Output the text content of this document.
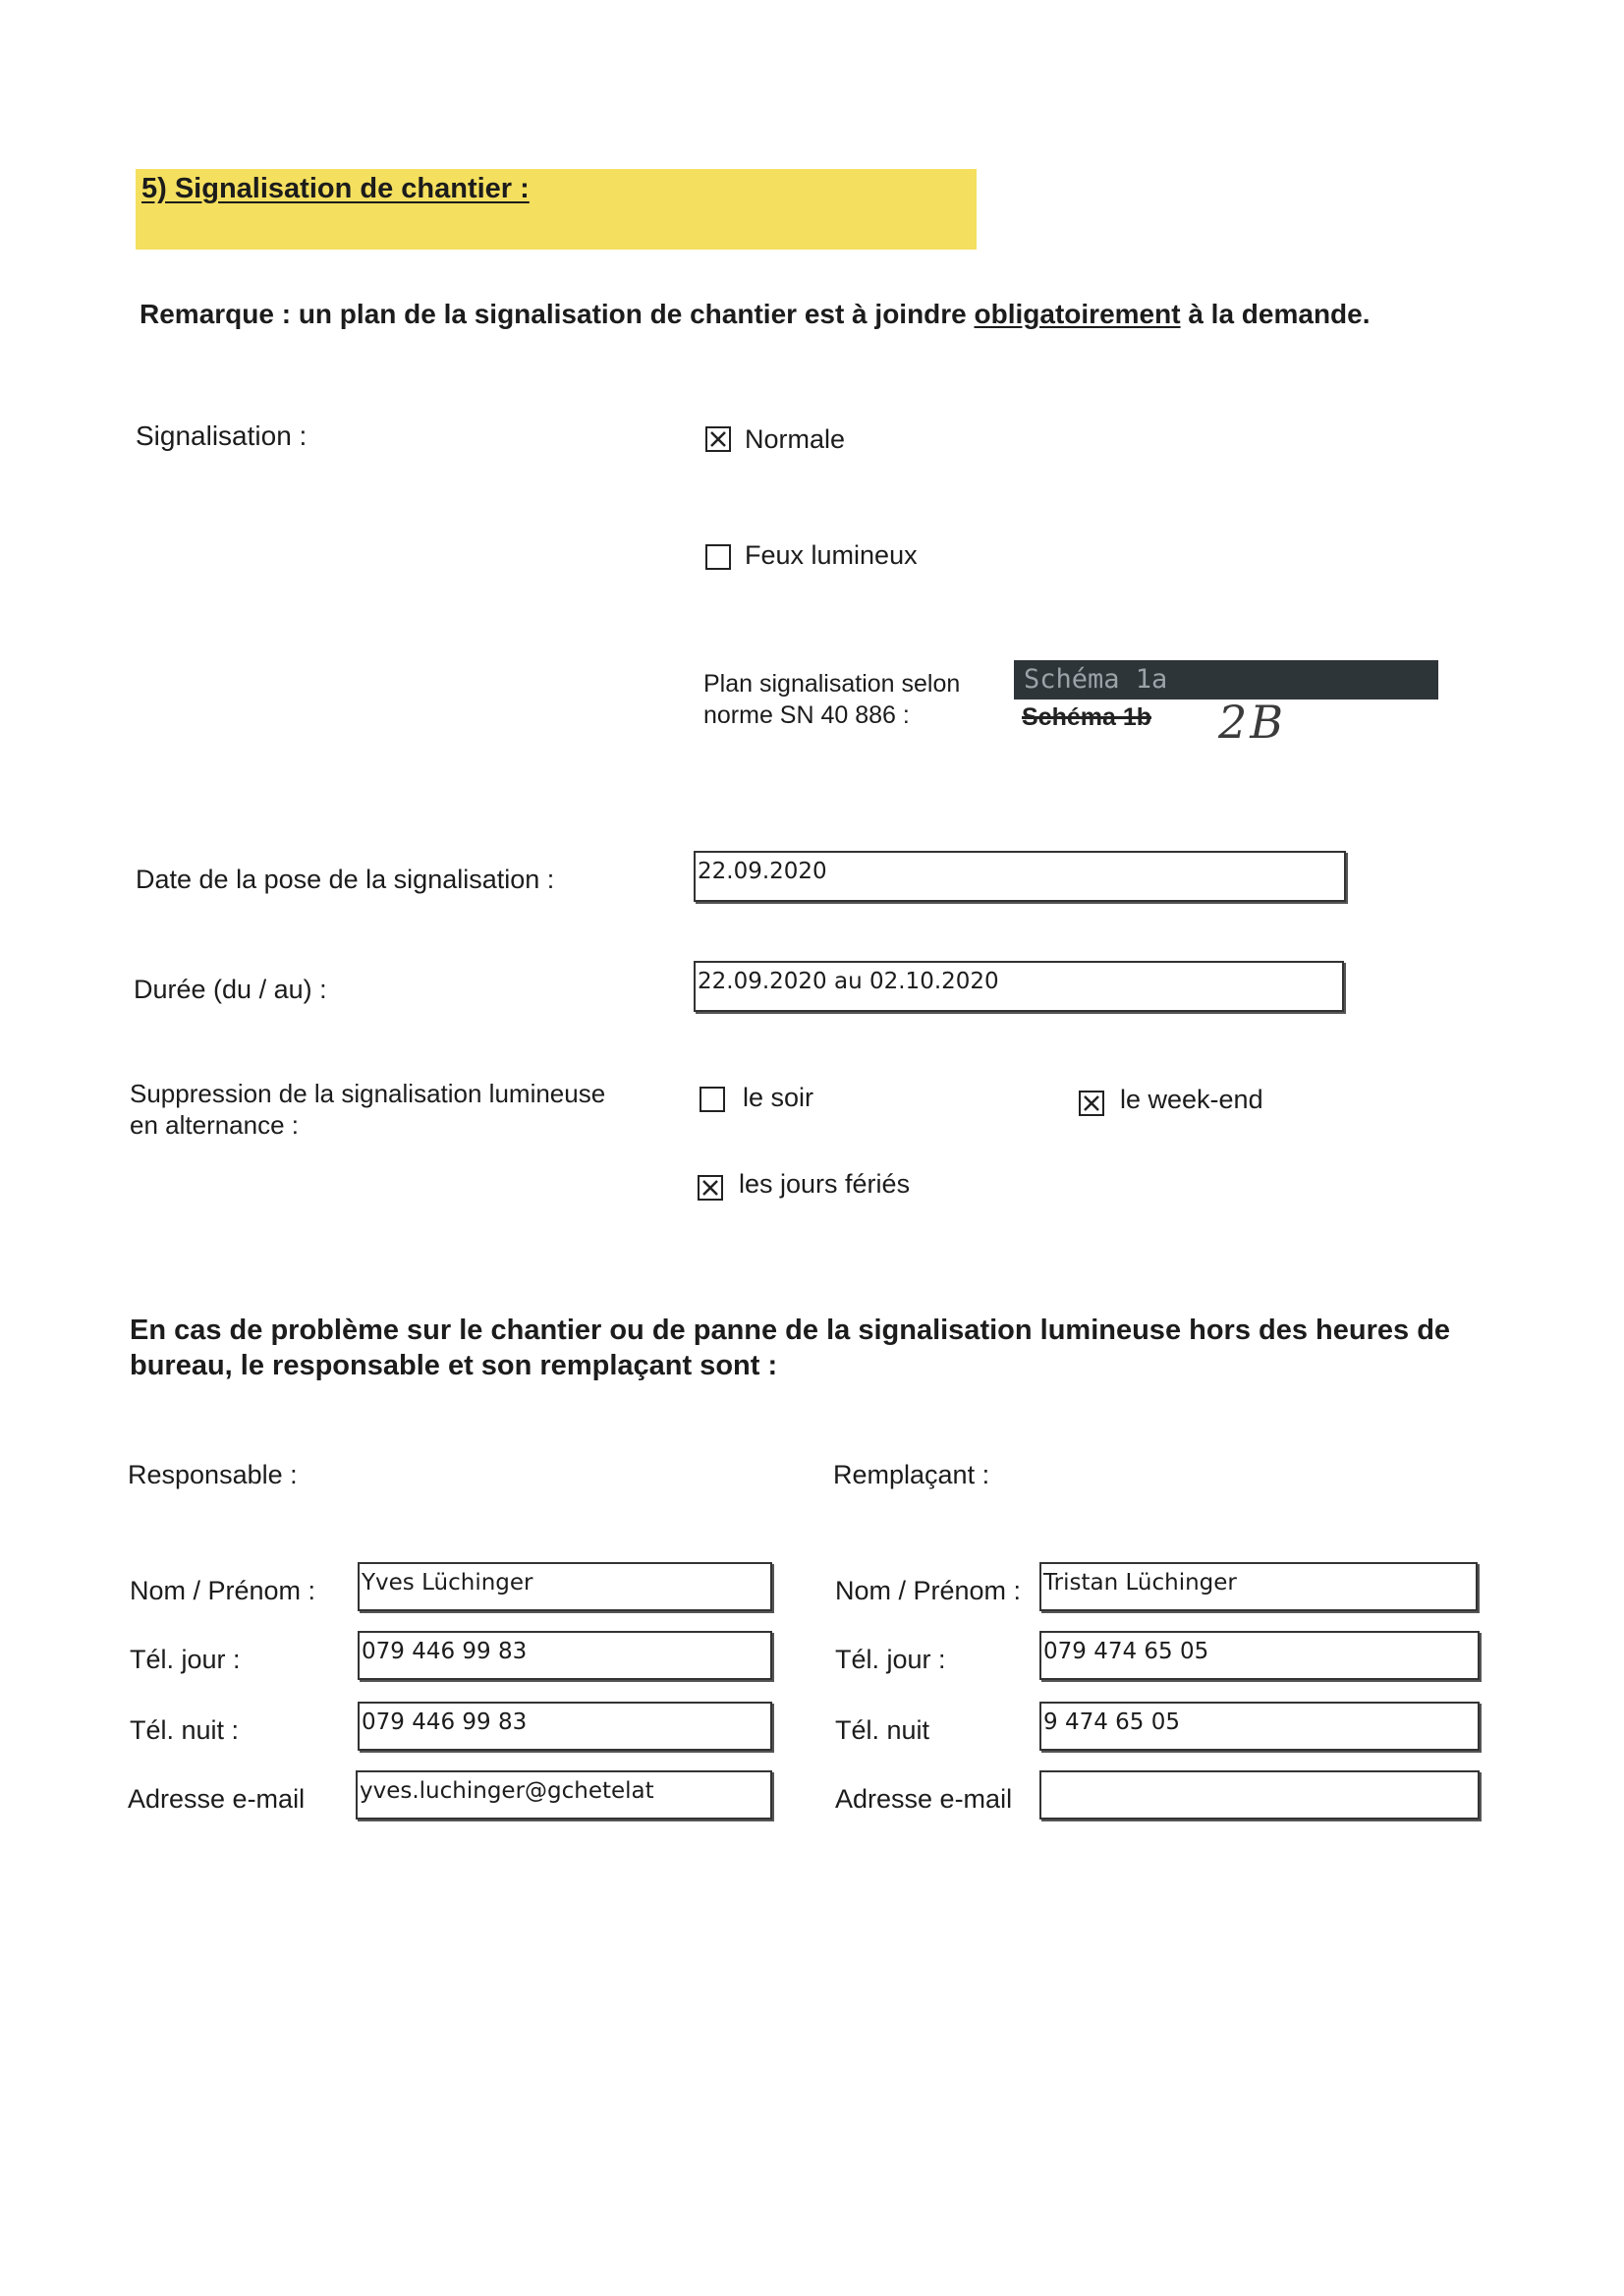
5) Signalisation de chantier :
Remarque : un plan de la signalisation de chantier est à joindre obligatoirement à la demande.
Signalisation :	Normale
Feux lumineux
Plan signalisation selon
norme SN 40 886 :
Schéma 1a
Schéma 1b 2B
Date de la pose de la signalisation :	22.09.2020
Durée (du / au) :	22.09.2020 au 02.10.2020
Suppression de la signalisation lumineuse
en alternance :
le soir	le week-end
les jours fériés
En cas de problème sur le chantier ou de panne de la signalisation lumineuse hors des heures de bureau, le responsable et son remplaçant sont :
Responsable :
Nom / Prénom : Yves Lüchinger
Tél. jour :	079 446 99 83
Tél. nuit :	079 446 99 83
Adresse e-mail yves.luchinger@gchetelat
Remplaçant :
Nom / Prénom : Tristan Lüchinger
Tél. jour :	079 474 65 05
Tél. nuit	9 474 65 05
Adresse e-mail
